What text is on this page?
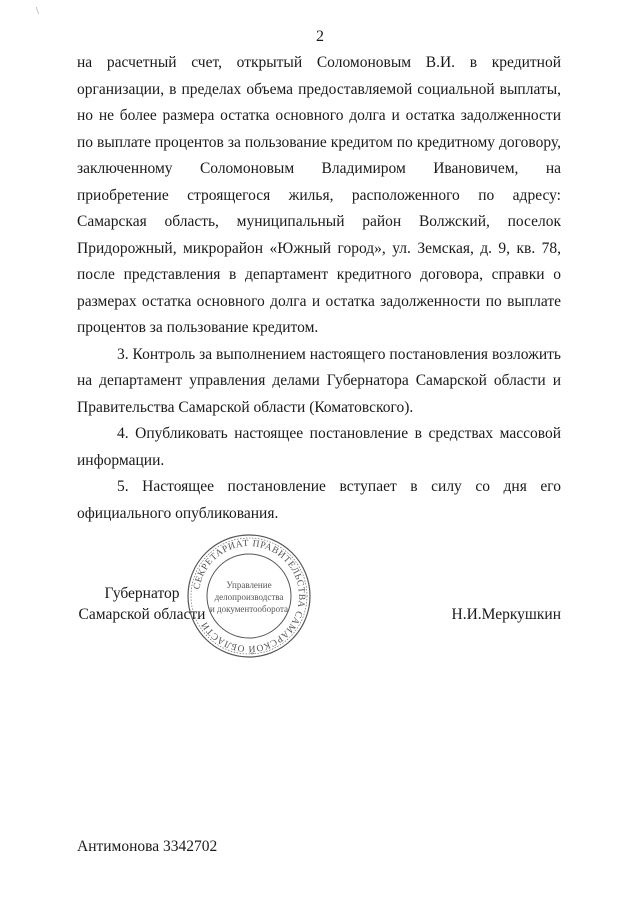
\
2

на расчетный счет, открытый Соломоновым В.И. в кредитной организации, в пределах объема предоставляемой социальной выплаты, но не более размера остатка основного долга и остатка задолженности по выплате процентов за пользование кредитом по кредитному договору, заключенному Соломоновым Владимиром Ивановичем, на приобретение строящегося жилья, расположенного по адресу: Самарская область, муниципальный район Волжский, поселок Придорожный, микрорайон «Южный город», ул. Земская, д. 9, кв. 78, после представления в департамент кредитного договора, справки о размерах остатка основного долга и остатка задолженности по выплате процентов за пользование кредитом.

3. Контроль за выполнением настоящего постановления возложить на департамент управления делами Губернатора Самарской области и Правительства Самарской области (Коматовского).

4. Опубликовать настоящее постановление в средствах массовой информации.

5. Настоящее постановление вступает в силу со дня его официального опубликования.

Губернатор
Самарской области	Н.И.Меркушкин
СЕКРЕТАРИАТ ПРАВИТЕЛЬСТВА САМАРСКОЙ ОБЛАСТИ
Управление
делопроизводства
и документооборота
Антимонова 3342702
